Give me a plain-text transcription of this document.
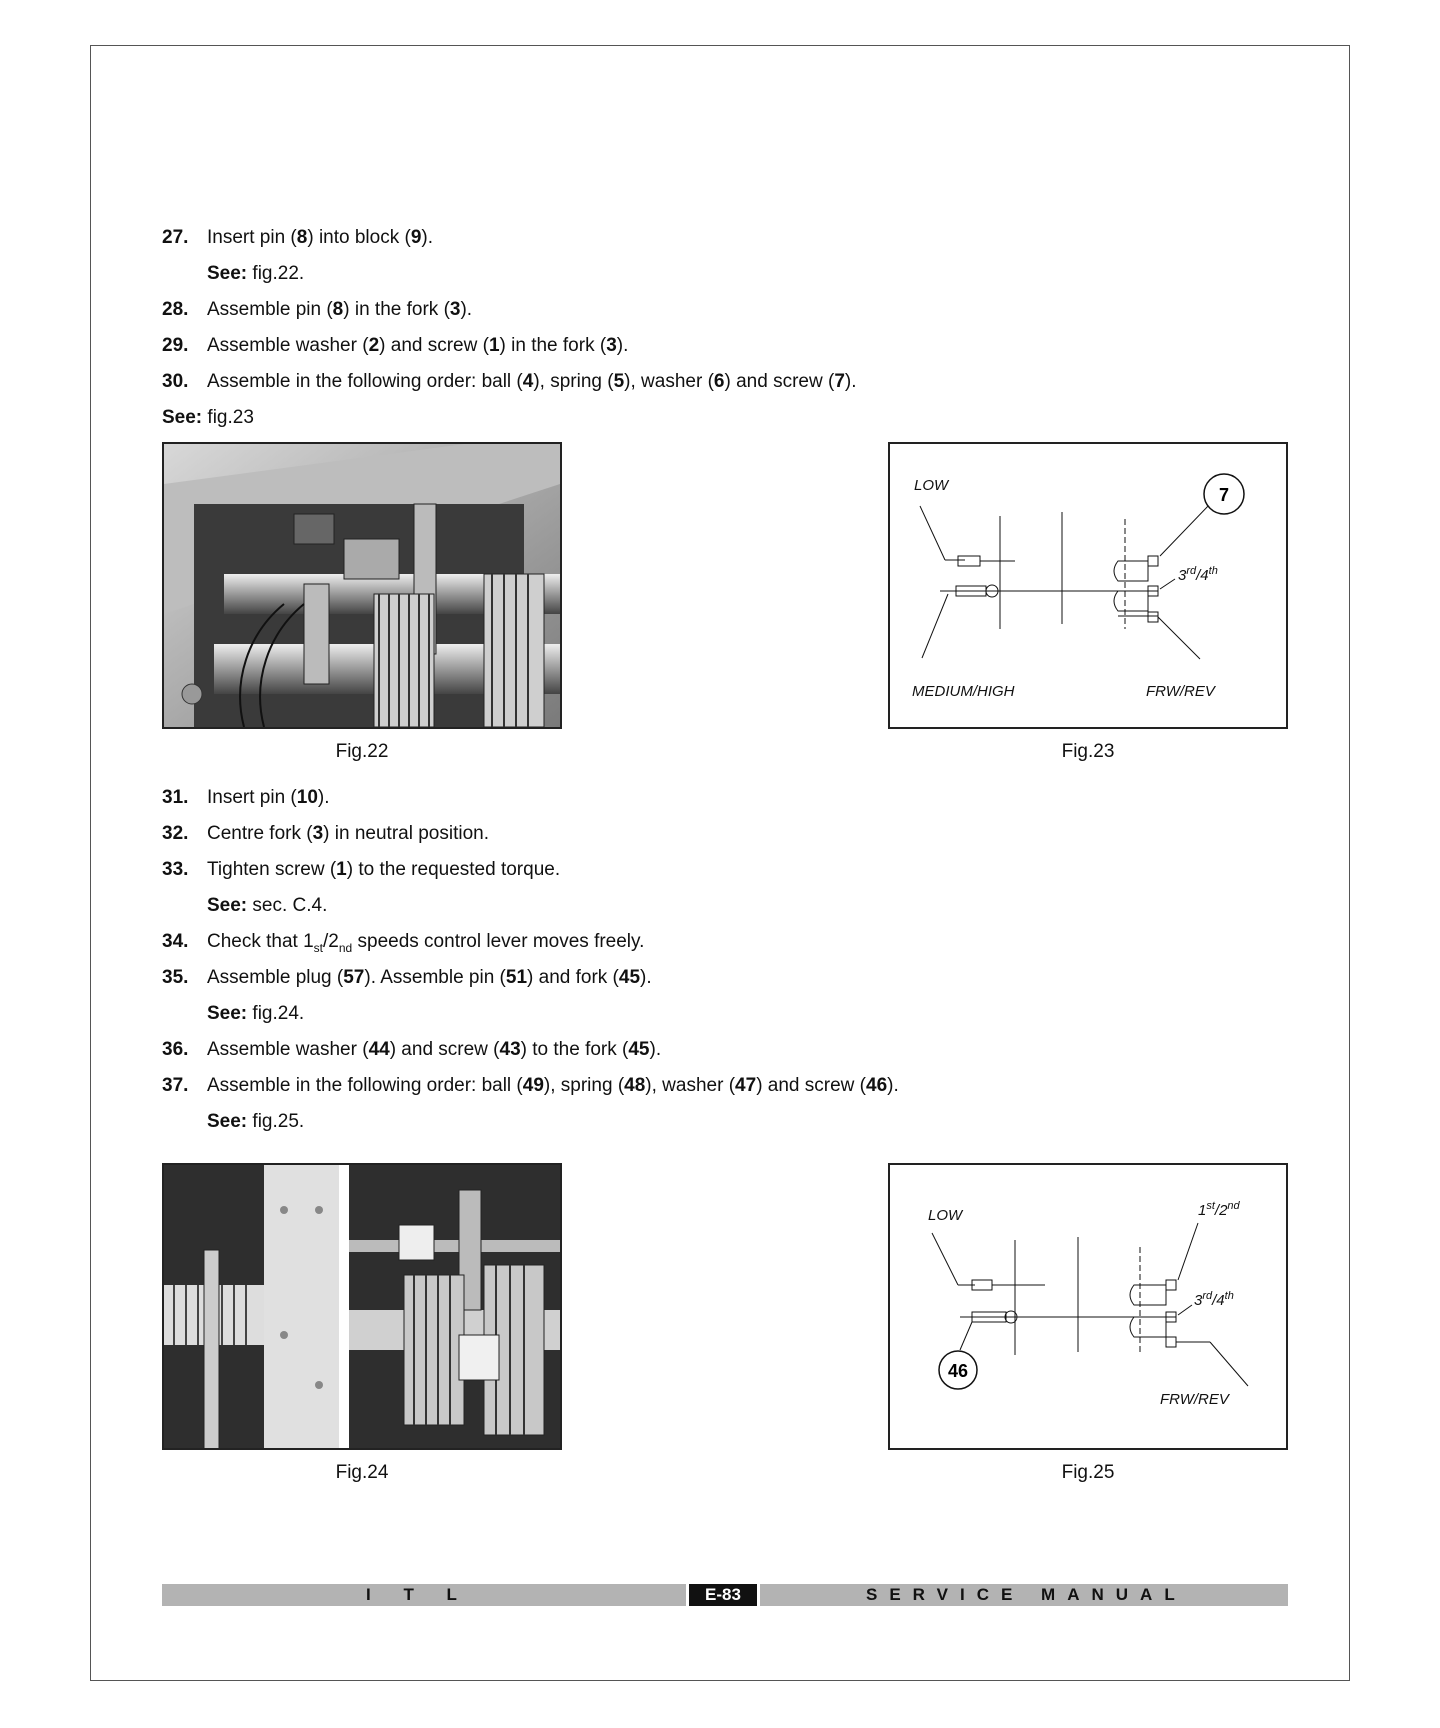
27. Insert pin (8) into block (9).
See: fig.22.
28. Assemble pin (8) in the fork (3).
29. Assemble washer (2) and screw (1) in the fork (3).
30. Assemble in the following order: ball (4), spring (5), washer (6) and screw (7).
See: fig.23
Fig.22
LOW
MEDIUM/HIGH
7
3rd/4th
FRW/REV
Fig.23
31. Insert pin (10).
32. Centre fork (3) in neutral position.
33. Tighten screw (1) to the requested torque.
See: sec. C.4.
34. Check that $1_{st}/2_{nd}$ speeds control lever moves freely.
35. Assemble plug (57). Assemble pin (51) and fork (45).
See: fig.24.
36. Assemble washer (44) and screw (43) to the fork (45).
37. Assemble in the following order: ball (49), spring (48), washer (47) and screw (46).
See: fig.25.
Fig.24
LOW
46
1st/2nd
3rd/4th
FRW/REV
Fig.25
I T L	E-83	SERVICE MANUAL
